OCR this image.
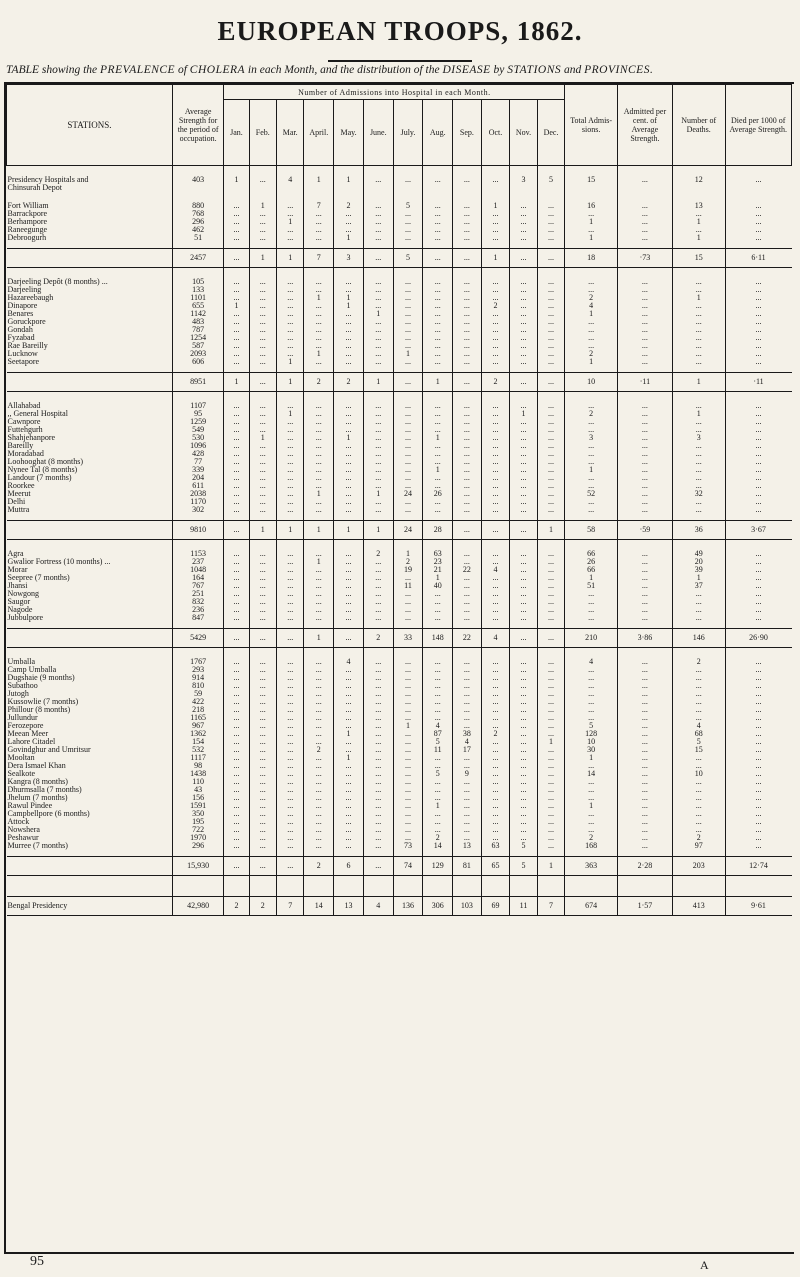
EUROPEAN TROOPS, 1862.
TABLE showing the PREVALENCE of CHOLERA in each Month, and the distribution of the DISEASE by STATIONS and PROVINCES.
STATIONS.	Average Strength for the period of occupation.	Number of Admissions into Hospital in each Month.												Total Admis-sions.	Admitted per cent. of Average Strength.	Number of Deaths.	Died per 1000 of Average Strength.
		Jan.	Feb.	Mar.	April.	May.	June.	July.	Aug.	Sep.	Oct.	Nov.	Dec.				

Presidency Hospitals and
Chinsurah Depot	403	1	...	4	1	1	...	...	...	...	...	3	5	15	...	12	...

Fort William	880	...	1	...	7	2	...	5	...	...	1	...	...	16	...	13	...
Barrackpore	768	...	...	...	...	...	...	...	...	...	...	...	...	...	...	...	...
Berhampore	296	...	...	1	...	...	...	...	...	...	...	...	...	1	...	1	...
Raneegunge	462	...	...	...	...	...	...	...	...	...	...	...	...	...	...	...	...
Debroogurh	51	...	...	...	...	1	...	...	...	...	...	...	...	1	...	1	...

	2457	...	1	1	7	3	...	5	...	...	1	...	...	18	·73	15	6·11

Darjeeling Depôt (8 months) ...	105	...	...	...	...	...	...	...	...	...	...	...	...	...	...	...	...
Darjeeling	133	...	...	...	...	...	...	...	...	...	...	...	...	...	...	...	...
Hazareebaugh	1101	...	...	...	1	1	...	...	...	...	...	...	...	2	...	1	...
Dinapore	655	1	...	...	...	1	...	...	...	...	2	...	...	4	...	...	...
Benares	1142	...	...	...	...	...	1	...	...	...	...	...	...	1	...	...	...
Goruckpore	483	...	...	...	...	...	...	...	...	...	...	...	...	...	...	...	...
Gondah	787	...	...	...	...	...	...	...	...	...	...	...	...	...	...	...	...
Fyzabad	1254	...	...	...	...	...	...	...	...	...	...	...	...	...	...	...	...
Rae Bareilly	587	...	...	...	...	...	...	...	...	...	...	...	...	...	...	...	...
Lucknow	2093	...	...	...	1	...	...	1	...	...	...	...	...	2	...	...	...
Seetapore	606	...	...	1	...	...	...	...	...	...	...	...	...	1	...	...	...

	8951	1	...	1	2	2	1	...	1	...	2	...	...	10	·11	1	·11

Allahabad	1107	...	...	...	...	...	...	...	...	...	...	...	...	...	...	...	...
,, General Hospital	95	...	...	1	...	...	...	...	...	...	...	1	...	2	...	1	...
Cawnpore	1259	...	...	...	...	...	...	...	...	...	...	...	...	...	...	...	...
Futtehgurh	549	...	...	...	...	...	...	...	...	...	...	...	...	...	...	...	...
Shahjehanpore	530	...	1	...	...	1	...	...	1	...	...	...	...	3	...	3	...
Bareilly	1096	...	...	...	...	...	...	...	...	...	...	...	...	...	...	...	...
Moradabad	428	...	...	...	...	...	...	...	...	...	...	...	...	...	...	...	...
Loohooghat (8 months)	77	...	...	...	...	...	...	...	...	...	...	...	...	...	...	...	...
Nynee Tal (8 months)	339	...	...	...	...	...	...	...	1	...	...	...	...	1	...	...	...
Landour (7 months)	204	...	...	...	...	...	...	...	...	...	...	...	...	...	...	...	...
Roorkee	611	...	...	...	...	...	...	...	...	...	...	...	...	...	...	...	...
Meerut	2038	...	...	...	1	...	1	24	26	...	...	...	...	52	...	32	...
Delhi	1170	...	...	...	...	...	...	...	...	...	...	...	...	...	...	...	...
Muttra	302	...	...	...	...	...	...	...	...	...	...	...	...	...	...	...	...

	9810	...	1	1	1	1	1	24	28	...	...	...	1	58	·59	36	3·67

Agra	1153	...	...	...	...	...	2	1	63	...	...	...	...	66	...	49	...
Gwalior Fortress (10 months) ...	237	...	...	...	1	...	...	2	23	...	...	...	...	26	...	20	...
Morar	1048	...	...	...	...	...	...	19	21	22	4	...	...	66	...	39	...
Seepree (7 months)	164	...	...	...	...	...	...	...	1	...	...	...	...	1	...	1	...
Jhansi	767	...	...	...	...	...	...	11	40	...	...	...	...	51	...	37	...
Nowgong	251	...	...	...	...	...	...	...	...	...	...	...	...	...	...	...	...
Saugor	832	...	...	...	...	...	...	...	...	...	...	...	...	...	...	...	...
Nagode	236	...	...	...	...	...	...	...	...	...	...	...	...	...	...	...	...
Jubbulpore	847	...	...	...	...	...	...	...	...	...	...	...	...	...	...	...	...

	5429	...	...	...	1	...	2	33	148	22	4	...	...	210	3·86	146	26·90

Umballa	1767	...	...	...	...	4	...	...	...	...	...	...	...	4	...	2	...
Camp Umballa	293	...	...	...	...	...	...	...	...	...	...	...	...	...	...	...	...
Dugshaie (9 months)	914	...	...	...	...	...	...	...	...	...	...	...	...	...	...	...	...
Subathoo	810	...	...	...	...	...	...	...	...	...	...	...	...	...	...	...	...
Jutogh	59	...	...	...	...	...	...	...	...	...	...	...	...	...	...	...	...
Kussowlie (7 months)	422	...	...	...	...	...	...	...	...	...	...	...	...	...	...	...	...
Phillour (8 months)	218	...	...	...	...	...	...	...	...	...	...	...	...	...	...	...	...
Jullundur	1165	...	...	...	...	...	...	...	...	...	...	...	...	...	...	...	...
Ferozepore	967	...	...	...	...	...	...	1	4	...	...	...	...	5	...	4	...
Meean Meer	1362	...	...	...	...	1	...	...	87	38	2	...	...	128	...	68	...
Lahore Citadel	154	...	...	...	...	...	...	...	5	4	...	...	1	10	...	5	...
Govindghur and Umritsur	532	...	...	...	2	...	...	...	11	17	...	...	...	30	...	15	...
Mooltan	1117	...	...	...	...	1	...	...	...	...	...	...	...	1	...	...	...
Dera Ismael Khan	98	...	...	...	...	...	...	...	...	...	...	...	...	...	...	...	...
Sealkote	1438	...	...	...	...	...	...	...	5	9	...	...	...	14	...	10	...
Kangra (8 months)	110	...	...	...	...	...	...	...	...	...	...	...	...	...	...	...	...
Dhurmsalla (7 months)	43	...	...	...	...	...	...	...	...	...	...	...	...	...	...	...	...
Jhelum (7 months)	156	...	...	...	...	...	...	...	...	...	...	...	...	...	...	...	...
Rawul Pindee	1591	...	...	...	...	...	...	...	1	...	...	...	...	1	...	...	...
Campbellpore (6 months)	350	...	...	...	...	...	...	...	...	...	...	...	...	...	...	...	...
Attock	195	...	...	...	...	...	...	...	...	...	...	...	...	...	...	...	...
Nowshera	722	...	...	...	...	...	...	...	...	...	...	...	...	...	...	...	...
Peshawur	1970	...	...	...	...	...	...	...	2	...	...	...	...	2	...	2	...
Murree (7 months)	296	...	...	...	...	...	...	73	14	13	63	5	...	168	...	97	...

	15,930	...	...	...	2	6	...	74	129	81	65	5	1	363	2·28	203	12·74

Bengal Presidency	42,980	2	2	7	14	13	4	136	306	103	69	11	7	674	1·57	413	9·61
95	A
